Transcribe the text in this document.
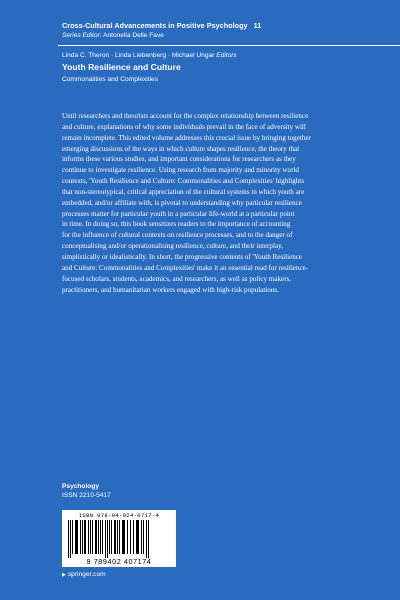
Cross-Cultural Advancements in Positive Psychology 11
Series Editor: Antonella Delle Fave
Linda C. Theron · Linda Liebenberg · Michael Ungar Editors
Youth Resilience and Culture
Commonalities and Complexities

Until researchers and theorists account for the complex relationship between resilience
and culture, explanations of why some individuals prevail in the face of adversity will
remain incomplete. This edited volume addresses this crucial issue by bringing together
emerging discussions of the ways in which culture shapes resilience, the theory that
informs these various studies, and important considerations for researchers as they
continue to investigate resilience. Using research from majority and minority world
contexts, 'Youth Resilience and Culture: Commonalities and Complexities' highlights
that non-stereotypical, critical appreciation of the cultural systems in which youth are
embedded, and/or affiliate with, is pivotal to understanding why particular resilience
processes matter for particular youth in a particular life-world at a particular point
in time. In doing so, this book sensitizes readers to the importance of accounting
for the influence of cultural contexts on resilience processes, and to the danger of
conceptualising and/or operationalising resilience, culture, and their interplay,
simplistically or idealistically. In short, the progressive contents of 'Youth Resilience
and Culture: Commonalities and Complexities' make it an essential read for resilience-
focused scholars, students, academics, and researchers, as well as policy makers,
practitioners, and humanitarian workers engaged with high-risk populations.

Psychology
ISSN 2210-5417
ISBN 978-94-024-0717-4
9 789402 407174
▶ springer.com
